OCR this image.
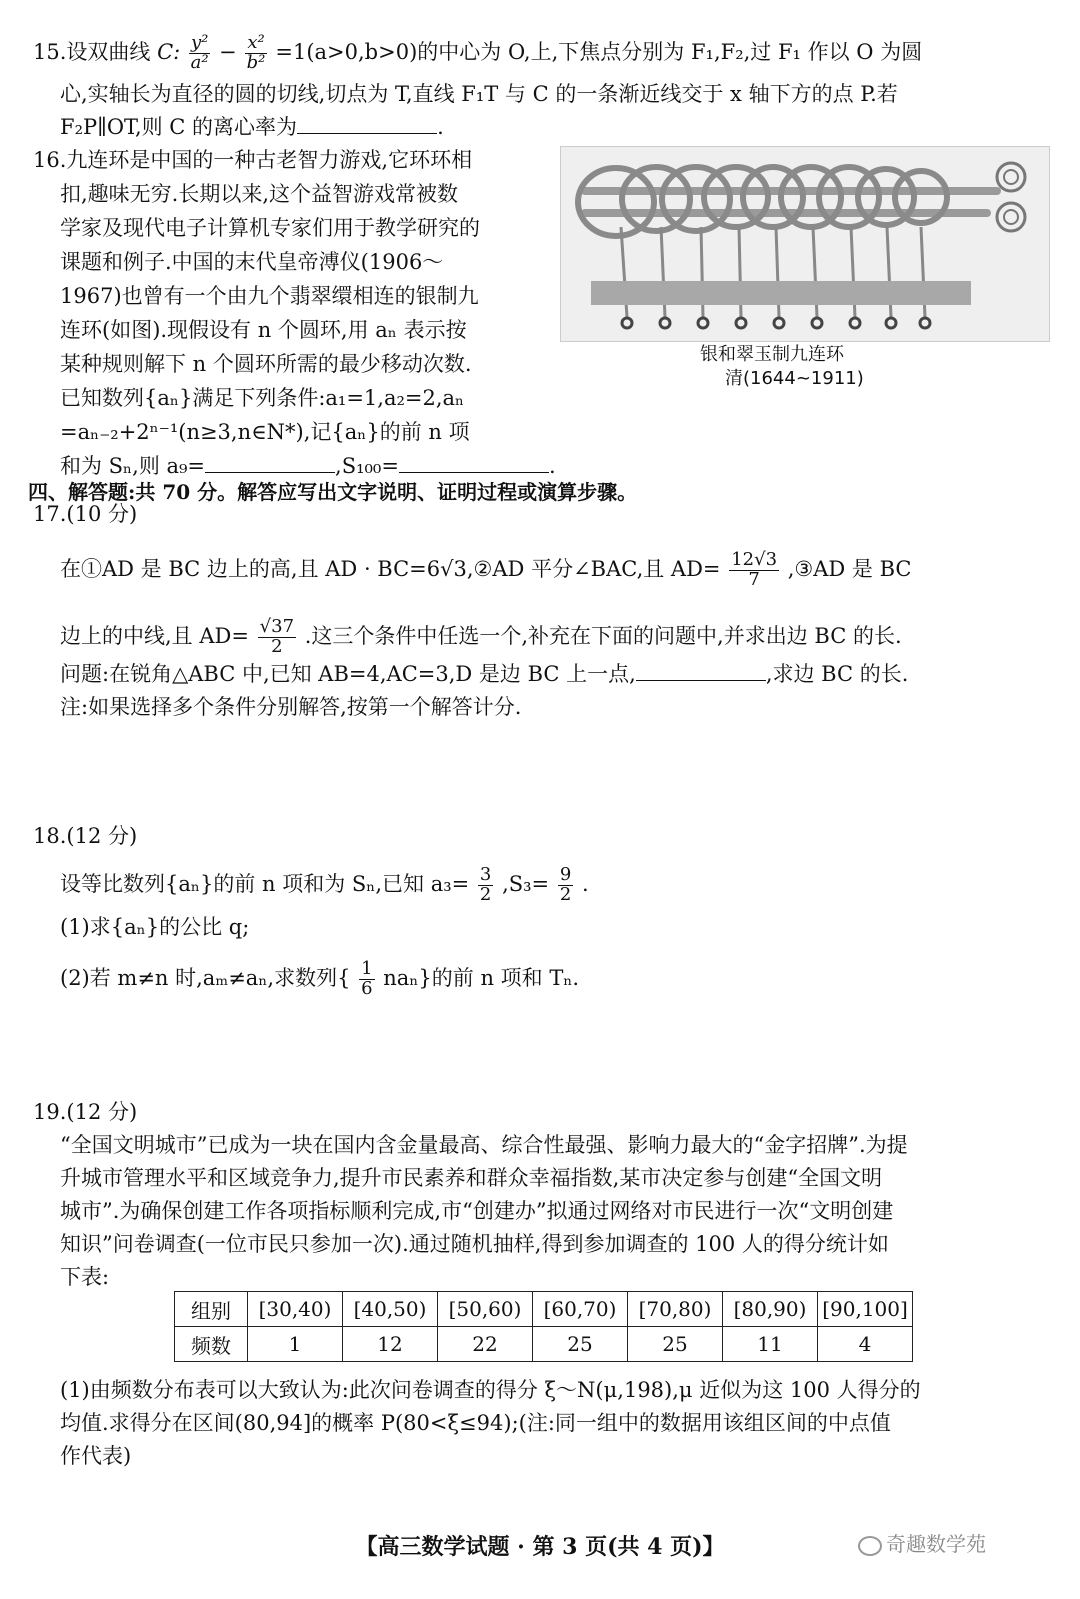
15.设双曲线 C: $\frac{\text{y²}}{\text{a²}} - \frac{\text{x²}}{\text{b²}} =1(a>0,b>0)$的中心为 O,上,下焦点分别为 F₁,F₂,过 F₁ 作以 O 为圆
心,实轴长为直径的圆的切线,切点为 T,直线 F₁T 与 C 的一条渐近线交于 x 轴下方的点 P.若
F₂P∥OT,则 C 的离心率为	.
16.九连环是中国的一种古老智力游戏,它环环相
扣,趣味无穷.长期以来,这个益智游戏常被数
学家及现代电子计算机专家们用于教学研究的
课题和例子.中国的末代皇帝溥仪(1906～
1967)也曾有一个由九个翡翠缳相连的银制九
连环(如图).现假设有 n 个圆环,用 aₙ 表示按
某种规则解下 n 个圆环所需的最少移动次数.
已知数列{aₙ}满足下列条件:a₁=1,a₂=2,aₙ
=aₙ₋₂+2ⁿ⁻¹(n≥3,n∈N*),记{aₙ}的前 n 项
和为 Sₙ,则 a₉=	,S₁₀₀=	.
银和翠玉制九连环
清(1644~1911)
四、解答题:共 70 分。解答应写出文字说明、证明过程或演算步骤。
17.(10 分)
在①AD 是 BC 边上的高,且 AD · BC=6√3,②AD 平分∠BAC,且 $AD= \frac{12√3}{7}$ ,③AD 是 BC
边上的中线,且 $AD= \frac{√37}{2}$ .这三个条件中任选一个,补充在下面的问题中,并求出边 BC 的长.
问题:在锐角△ABC 中,已知 AB=4,AC=3,D 是边 BC 上一点,	,求边 BC 的长.
注:如果选择多个条件分别解答,按第一个解答计分.
18.(12 分)
设等比数列{aₙ}的前 n 项和为 Sₙ,已知 $a_3= \frac{3}{2} ,S_3= \frac{9}{2}$ .
(1)求{aₙ}的公比 q;
(2)若 m≠n 时,aₘ≠aₙ,求数列{ $\frac{1}{6} na_n$}的前 n 项和 Tₙ.
19.(12 分)
“全国文明城市”已成为一块在国内含金量最高、综合性最强、影响力最大的“金字招牌”.为提
升城市管理水平和区域竞争力,提升市民素养和群众幸福指数,某市决定参与创建“全国文明
城市”.为确保创建工作各项指标顺利完成,市“创建办”拟通过网络对市民进行一次“文明创建
知识”问卷调查(一位市民只参加一次).通过随机抽样,得到参加调查的 100 人的得分统计如
下表:
组别	[30,40)	[40,50)	[50,60)	[60,70)	[70,80)	[80,90)	[90,100]
频数	1	12	22	25	25	11	4
(1)由频数分布表可以大致认为:此次问卷调查的得分 ξ～N(μ,198),μ 近似为这 100 人得分的
均值.求得分在区间(80,94]的概率 P(80<ξ≤94);(注:同一组中的数据用该组区间的中点值
作代表)
【高三数学试题 · 第 3 页(共 4 页)】	奇趣数学苑
